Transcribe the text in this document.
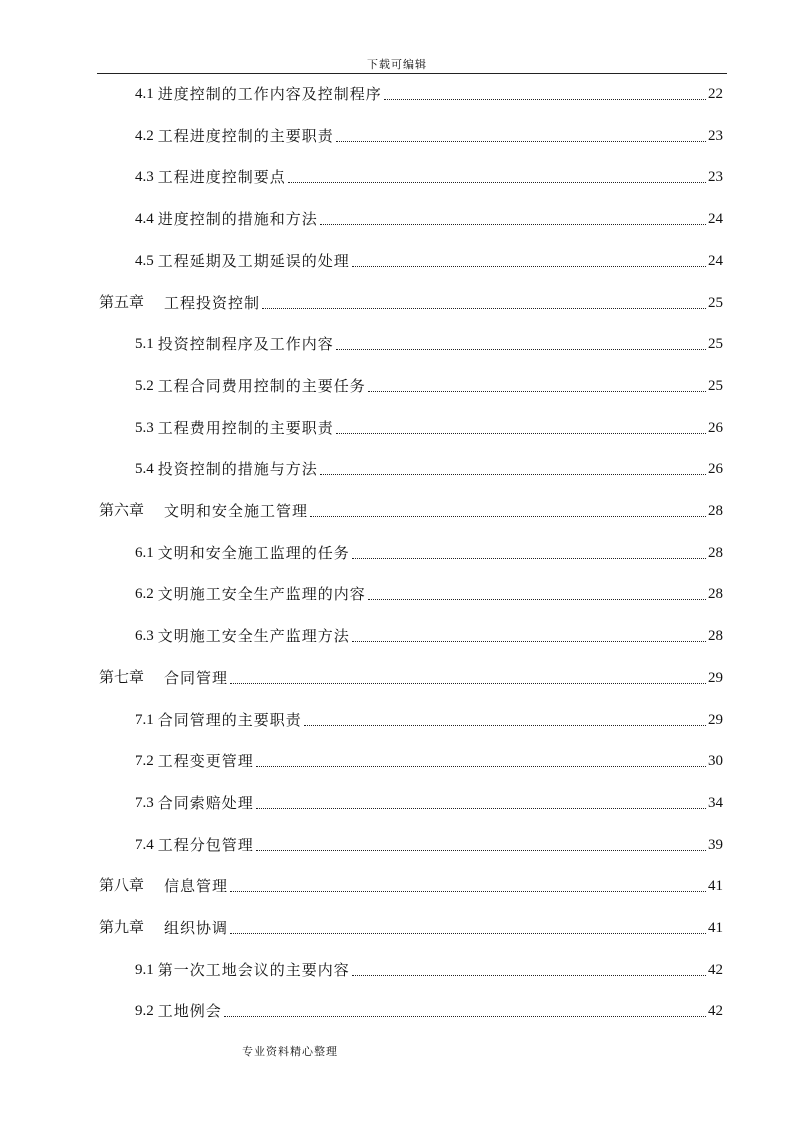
下载可编辑
4.1 进度控制的工作内容及控制程序	22
4.2 工程进度控制的主要职责	23
4.3 工程进度控制要点	23
4.4 进度控制的措施和方法	24
4.5 工程延期及工期延误的处理	24
第五章 工程投资控制	25
5.1 投资控制程序及工作内容	25
5.2 工程合同费用控制的主要任务	25
5.3 工程费用控制的主要职责	26
5.4 投资控制的措施与方法	26
第六章 文明和安全施工管理	28
6.1 文明和安全施工监理的任务	28
6.2 文明施工安全生产监理的内容	28
6.3 文明施工安全生产监理方法	28
第七章 合同管理	29
7.1 合同管理的主要职责	29
7.2 工程变更管理	30
7.3 合同索赔处理	34
7.4 工程分包管理	39
第八章 信息管理	41
第九章 组织协调	41
9.1 第一次工地会议的主要内容	42
9.2 工地例会	42
专业资料精心整理
